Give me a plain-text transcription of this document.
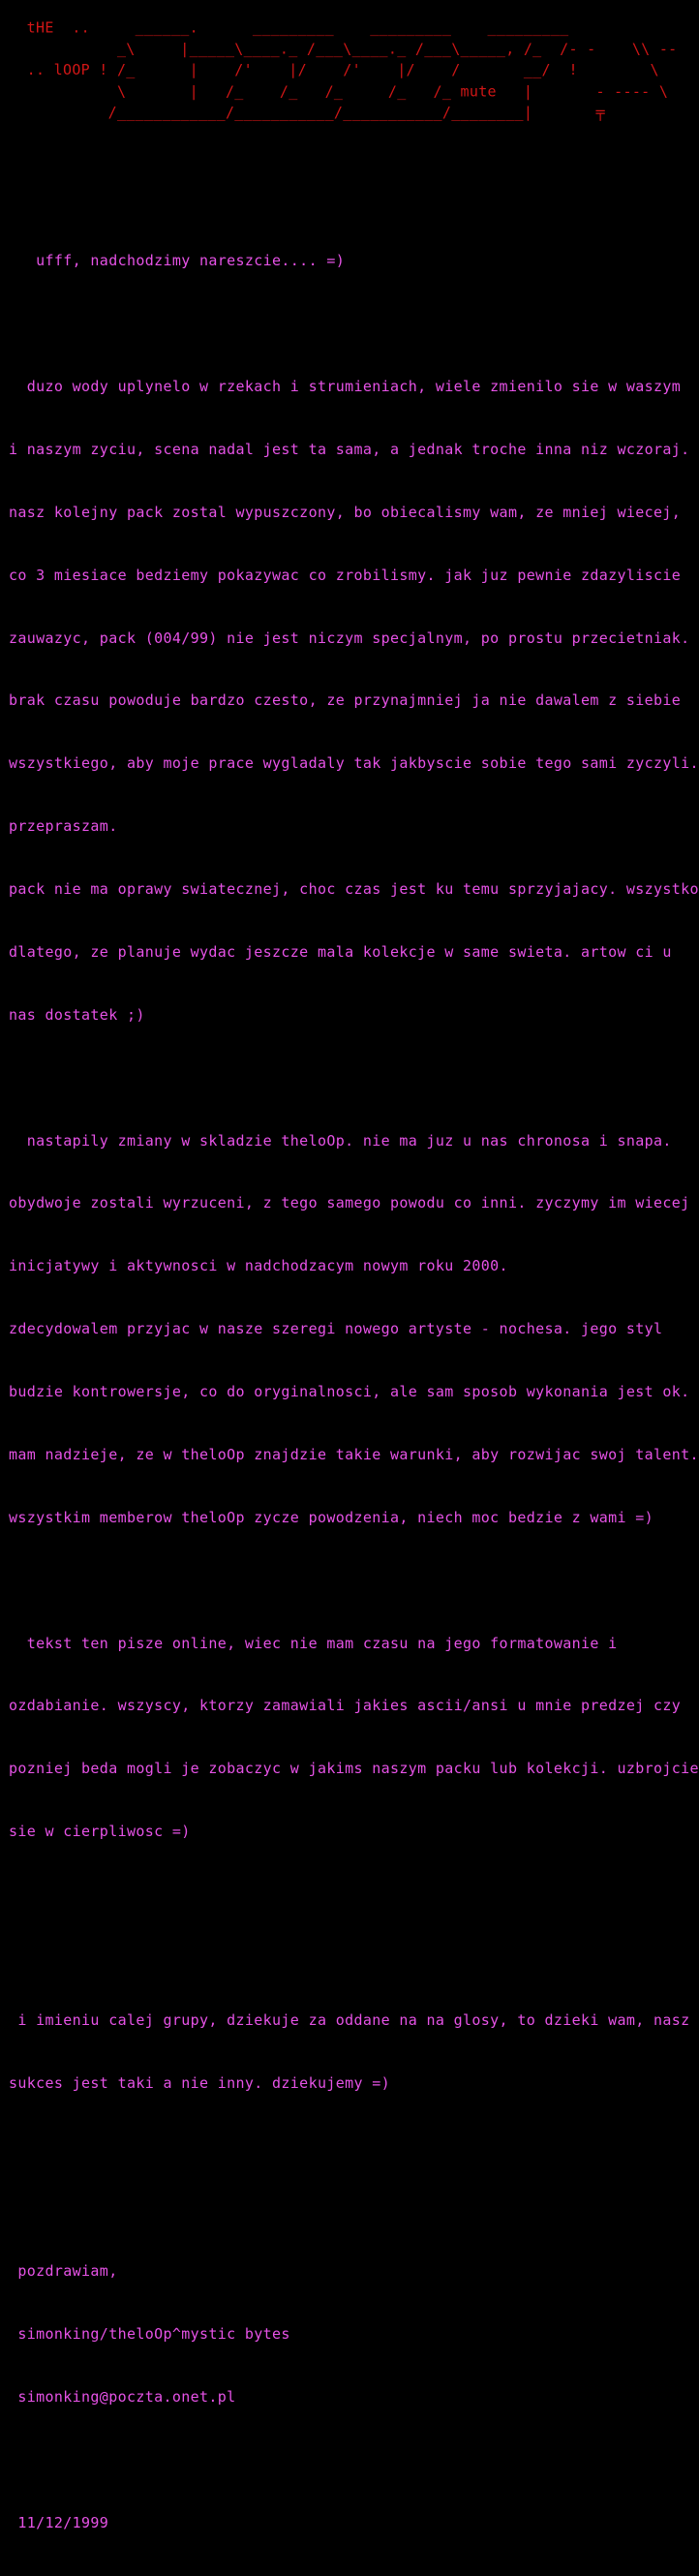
tHE  ..     ______.      _________    _________    _________
_\     |_____\____._ /___\____._ /___\_____, /_  /- -    \\ --
.. lOOP ! /_      |    /'    |/    /'    |/    /       __/  !        \
\       |   /_    /_   /_     /_   /_ mute   |       - ---- \
/____________/___________/___________/________|       ╤

ufff, nadchodzimy nareszcie.... =)

duzo wody uplynelo w rzekach i strumieniach, wiele zmienilo sie w waszym

i naszym zyciu, scena nadal jest ta sama, a jednak troche inna niz wczoraj.

nasz kolejny pack zostal wypuszczony, bo obiecalismy wam, ze mniej wiecej,

co 3 miesiace bedziemy pokazywac co zrobilismy. jak juz pewnie zdazyliscie

zauwazyc, pack (004/99) nie jest niczym specjalnym, po prostu przecietniak.

brak czasu powoduje bardzo czesto, ze przynajmniej ja nie dawalem z siebie

wszystkiego, aby moje prace wygladaly tak jakbyscie sobie tego sami zyczyli.

przepraszam.

pack nie ma oprawy swiatecznej, choc czas jest ku temu sprzyjajacy. wszystko

dlatego, ze planuje wydac jeszcze mala kolekcje w same swieta. artow ci u

nas dostatek ;)

nastapily zmiany w skladzie theloOp. nie ma juz u nas chronosa i snapa.

obydwoje zostali wyrzuceni, z tego samego powodu co inni. zyczymy im wiecej

inicjatywy i aktywnosci w nadchodzacym nowym roku 2000.

zdecydowalem przyjac w nasze szeregi nowego artyste - nochesa. jego styl

budzie kontrowersje, co do oryginalnosci, ale sam sposob wykonania jest ok.

mam nadzieje, ze w theloOp znajdzie takie warunki, aby rozwijac swoj talent.

wszystkim memberow theloOp zycze powodzenia, niech moc bedzie z wami =)

tekst ten pisze online, wiec nie mam czasu na jego formatowanie i

ozdabianie. wszyscy, ktorzy zamawiali jakies ascii/ansi u mnie predzej czy

pozniej beda mogli je zobaczyc w jakims naszym packu lub kolekcji. uzbrojcie

sie w cierpliwosc =)

i imieniu calej grupy, dziekuje za oddane na na glosy, to dzieki wam, nasz

sukces jest taki a nie inny. dziekujemy =)

pozdrawiam,

simonking/theloOp^mystic bytes

simonking@poczta.onet.pl

11/12/1999
